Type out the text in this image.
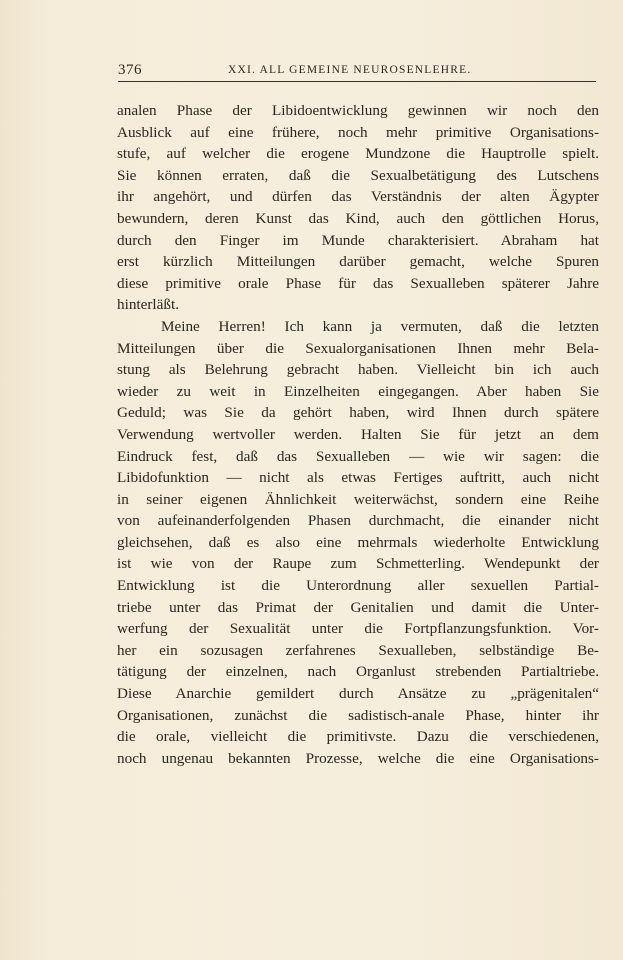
376	XXI. ALL GEMEINE NEUROSENLEHRE.
analen Phase der Libidoentwicklung gewinnen wir noch den
Ausblick auf eine frühere, noch mehr primitive Organisations-
stufe, auf welcher die erogene Mundzone die Hauptrolle spielt.
Sie können erraten, daß die Sexualbetätigung des Lutschens
ihr angehört, und dürfen das Verständnis der alten Ägypter
bewundern, deren Kunst das Kind, auch den göttlichen Horus,
durch den Finger im Munde charakterisiert. Abraham hat
erst kürzlich Mitteilungen darüber gemacht, welche Spuren
diese primitive orale Phase für das Sexualleben späterer Jahre
hinterläßt.
Meine Herren! Ich kann ja vermuten, daß die letzten
Mitteilungen über die Sexualorganisationen Ihnen mehr Bela-
stung als Belehrung gebracht haben. Vielleicht bin ich auch
wieder zu weit in Einzelheiten eingegangen. Aber haben Sie
Geduld; was Sie da gehört haben, wird Ihnen durch spätere
Verwendung wertvoller werden. Halten Sie für jetzt an dem
Eindruck fest, daß das Sexualleben — wie wir sagen: die
Libidofunktion — nicht als etwas Fertiges auftritt, auch nicht
in seiner eigenen Ähnlichkeit weiterwächst, sondern eine Reihe
von aufeinanderfolgenden Phasen durchmacht, die einander nicht
gleichsehen, daß es also eine mehrmals wiederholte Entwicklung
ist wie von der Raupe zum Schmetterling. Wendepunkt der
Entwicklung ist die Unterordnung aller sexuellen Partial-
triebe unter das Primat der Genitalien und damit die Unter-
werfung der Sexualität unter die Fortpflanzungsfunktion. Vor-
her ein sozusagen zerfahrenes Sexualleben, selbständige Be-
tätigung der einzelnen, nach Organlust strebenden Partialtriebe.
Diese Anarchie gemildert durch Ansätze zu „prägenitalen“
Organisationen, zunächst die sadistisch-anale Phase, hinter ihr
die orale, vielleicht die primitivste. Dazu die verschiedenen,
noch ungenau bekannten Prozesse, welche die eine Organisations-
